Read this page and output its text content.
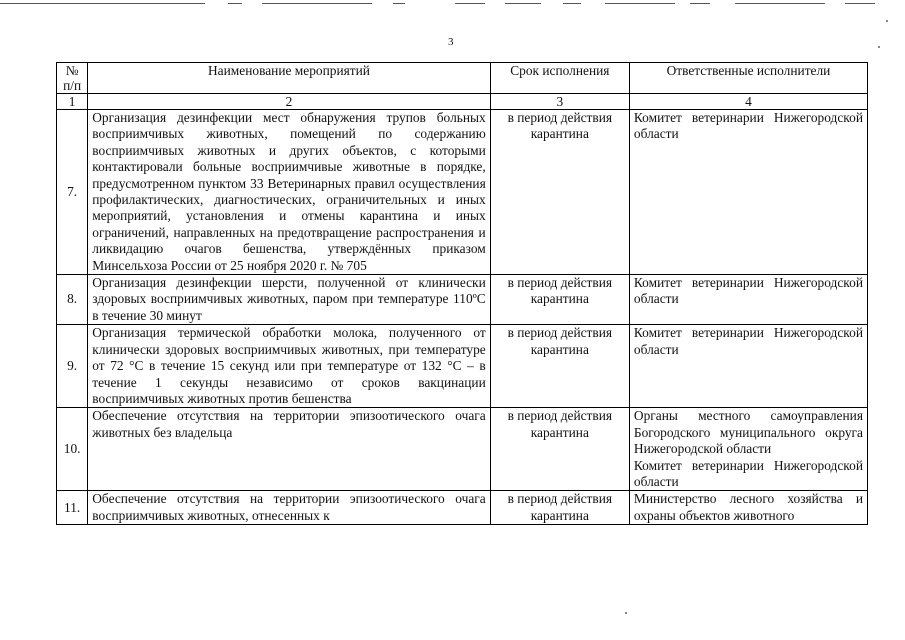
3
№
п/п	Наименование мероприятий	Срок исполнения	Ответственные исполнители
1	2	3	4
7.	Организация дезинфекции мест обнаружения трупов больных восприимчивых животных, помещений по содержанию восприимчивых животных и других объектов, с которыми контактировали больные восприимчивые животные в порядке, предусмотренном пунктом 33 Ветеринарных правил осуществления профилактических, диагностических, ограничительных и иных мероприятий, установления и отмены карантина и иных ограничений, направленных на предотвращение распространения и ликвидацию очагов бешенства, утверждённых приказом Минсельхоза России от 25 ноября 2020 г. № 705	в период действия карантина	Комитет ветеринарии Нижегородской области

8.	Организация дезинфекции шерсти, полученной от клинически здоровых восприимчивых животных, паром при температуре 110ºС в течение 30 минут	в период действия карантина	Комитет ветеринарии Нижегородской области

9.	Организация термической обработки молока, полученного от клинически здоровых восприимчивых животных, при температуре от 72 °С в течение 15 секунд или при температуре от 132 °С – в течение 1 секунды независимо от сроков вакцинации восприимчивых животных против бешенства	в период действия карантина	Комитет ветеринарии Нижегородской области

10.	Обеспечение отсутствия на территории эпизоотического очага животных без владельца	в период действия карантина	Органы местного самоуправления Богородского муниципального округа Нижегородской области
Комитет ветеринарии Нижегородской области

11.	Обеспечение отсутствия на территории эпизоотического очага восприимчивых животных, отнесенных к	в период действия карантина	Министерство лесного хозяйства и охраны объектов животного
